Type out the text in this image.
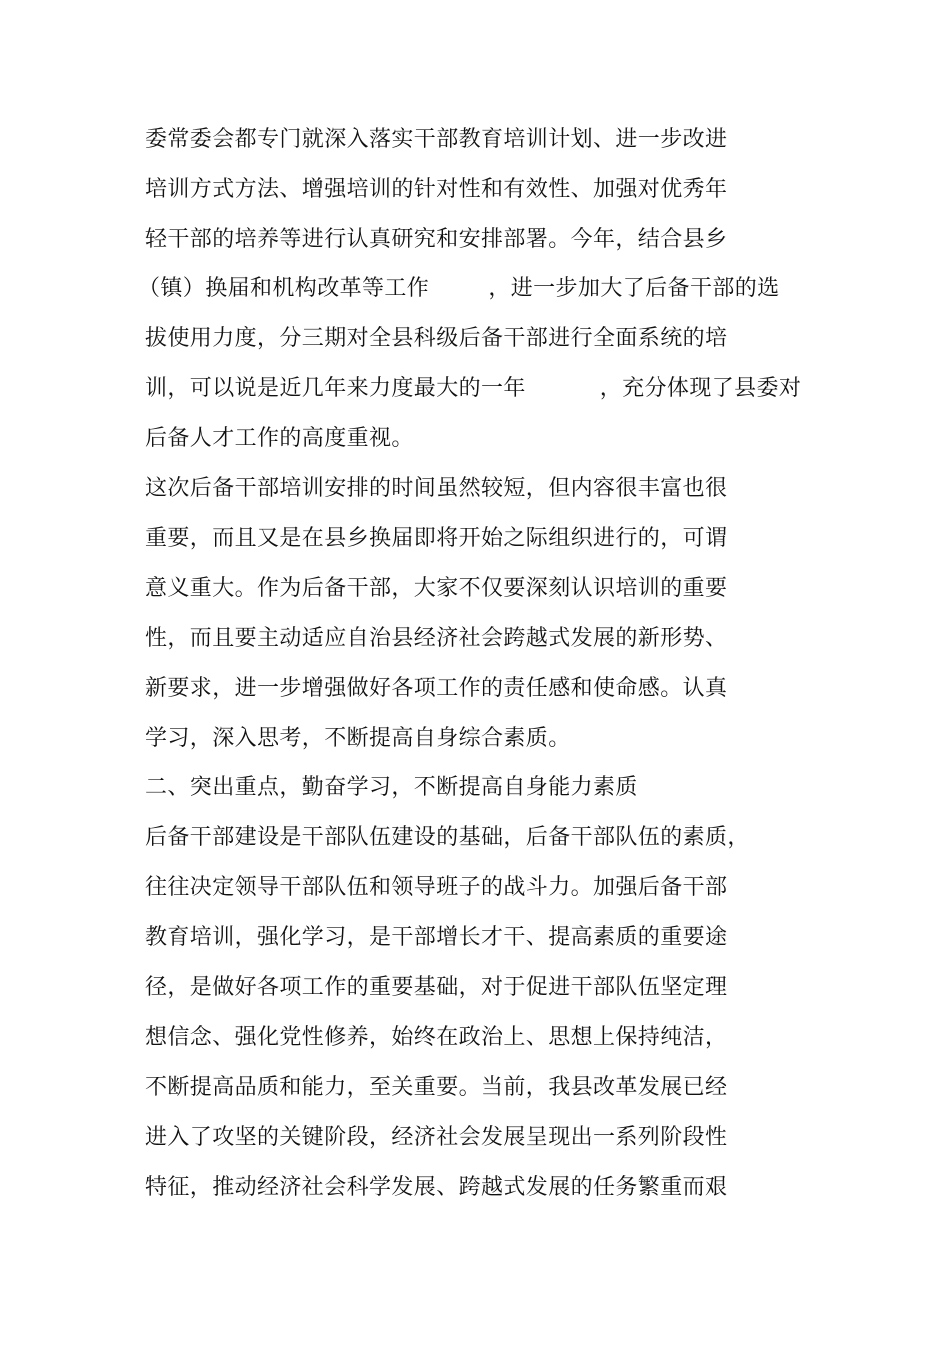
委常委会都专门就深入落实干部教育培训计划、进一步改进
培训方式方法、增强培训的针对性和有效性、加强对优秀年
轻干部的培养等进行认真研究和安排部署。今年，结合县乡
（镇）换届和机构改革等工作        ，进一步加大了后备干部的选
拔使用力度，分三期对全县科级后备干部进行全面系统的培
训，可以说是近几年来力度最大的一年          ，充分体现了县委对
后备人才工作的高度重视。
这次后备干部培训安排的时间虽然较短，但内容很丰富也很
重要，而且又是在县乡换届即将开始之际组织进行的，可谓
意义重大。作为后备干部，大家不仅要深刻认识培训的重要
性，而且要主动适应自治县经济社会跨越式发展的新形势、
新要求，进一步增强做好各项工作的责任感和使命感。认真
学习，深入思考，不断提高自身综合素质。
二、突出重点，勤奋学习，不断提高自身能力素质
后备干部建设是干部队伍建设的基础，后备干部队伍的素质，
往往决定领导干部队伍和领导班子的战斗力。加强后备干部
教育培训，强化学习，是干部增长才干、提高素质的重要途
径，是做好各项工作的重要基础，对于促进干部队伍坚定理
想信念、强化党性修养，始终在政治上、思想上保持纯洁，
不断提高品质和能力，至关重要。当前，我县改革发展已经
进入了攻坚的关键阶段，经济社会发展呈现出一系列阶段性
特征，推动经济社会科学发展、跨越式发展的任务繁重而艰
